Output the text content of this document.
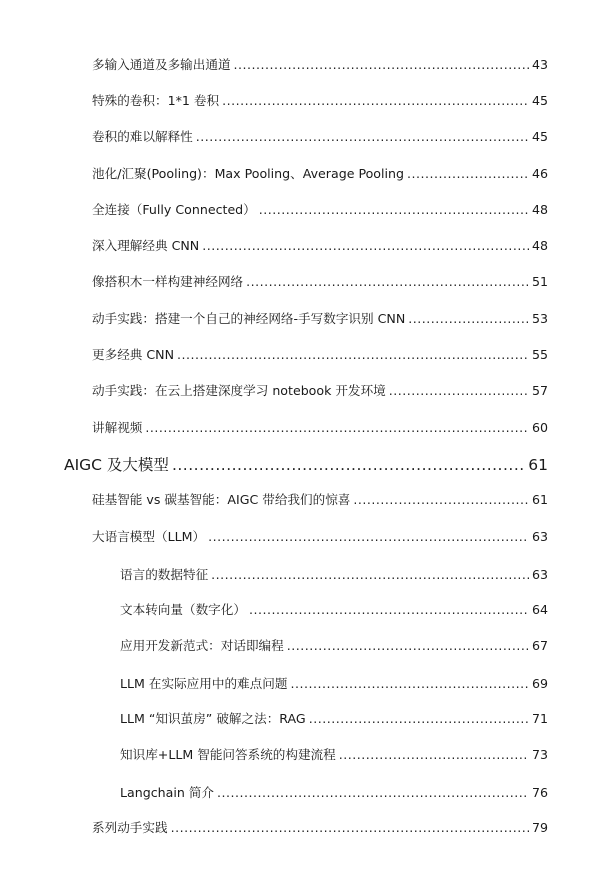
多输入通道及多输出通道 .....	43
特殊的卷积：1*1 卷积 .....	45
卷积的难以解释性 .....	45
池化/汇聚(Pooling)：Max Pooling、Average Pooling .....	46
全连接（Fully Connected） .....	48
深入理解经典 CNN .....	48
像搭积木一样构建神经网络 .....	51
动手实践：搭建一个自己的神经网络-手写数字识别 CNN .....	53
更多经典 CNN .....	55
动手实践：在云上搭建深度学习 notebook 开发环境 .....	57
讲解视频 .....	60
AIGC 及大模型 .....	61
硅基智能 vs 碳基智能：AIGC 带给我们的惊喜 .....	61
大语言模型（LLM） .....	63
语言的数据特征 .....	63
文本转向量（数字化） .....	64
应用开发新范式：对话即编程 .....	67
LLM 在实际应用中的难点问题 .....	69
LLM “知识茧房” 破解之法：RAG .....	71
知识库+LLM 智能问答系统的构建流程 .....	73
Langchain 简介 .....	76
系列动手实践 .....	79
